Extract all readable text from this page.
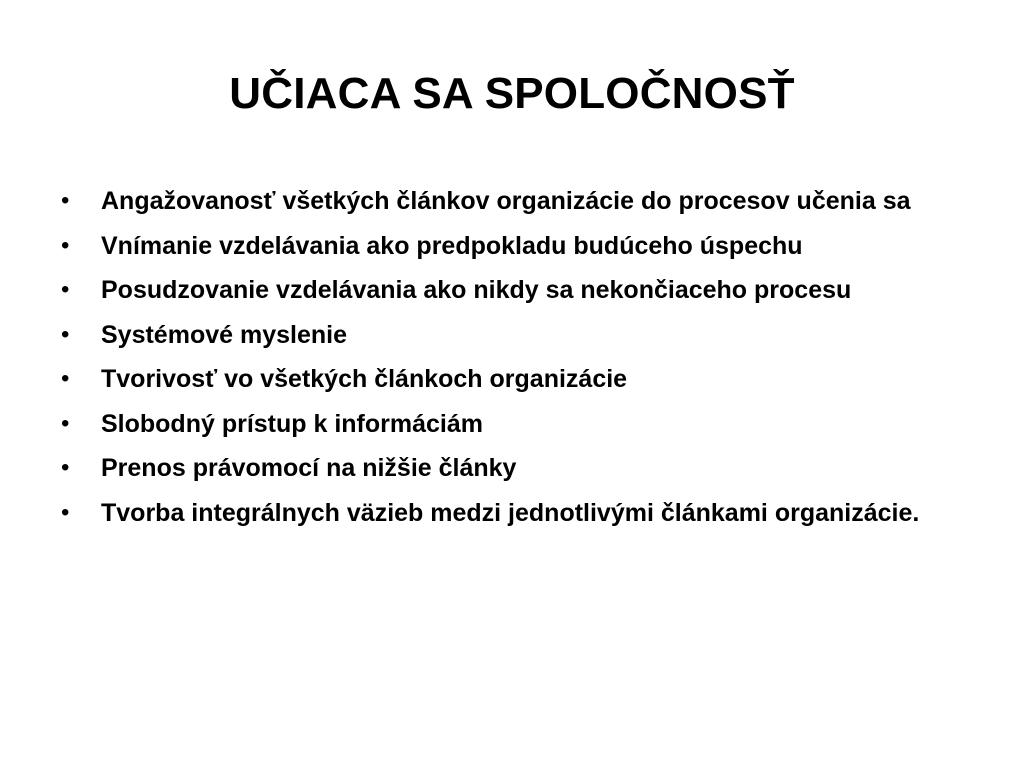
UČIACA SA SPOLOČNOSŤ
• Angažovanosť všetkých článkov organizácie do procesov učenia sa
• Vnímanie vzdelávania ako predpokladu budúceho úspechu
• Posudzovanie vzdelávania ako nikdy sa nekončiaceho procesu
• Systémové myslenie
• Tvorivosť vo všetkých článkoch organizácie
• Slobodný prístup k informáciám
• Prenos právomocí na nižšie články
• Tvorba integrálnych väzieb medzi jednotlivými článkami organizácie.
